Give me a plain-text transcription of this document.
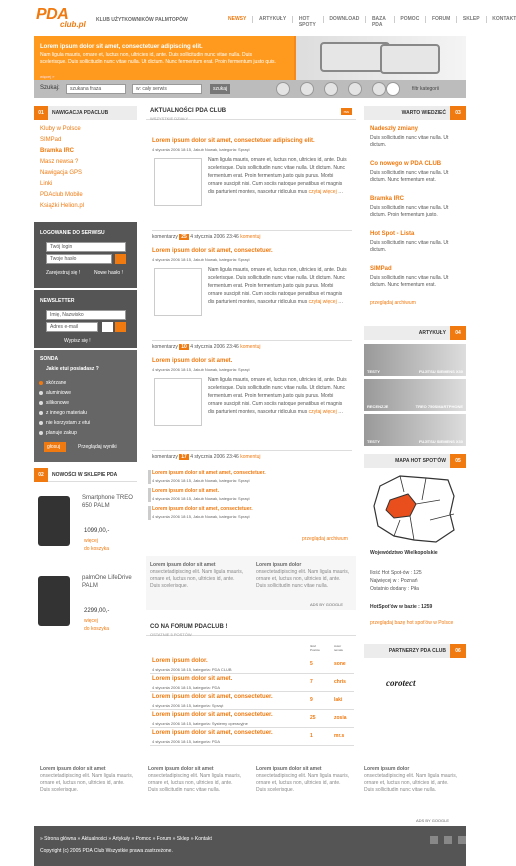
PDA
club.pl KLUB UŻYTKOWNIKÓW PALMTOPÓW	NEWSY	ARTYKUŁY	HOT SPOTY
DOWNLOAD	BAZA PDA
POMOC	FORUM	SKLEP	KONTAKT
Lorem ipsum dolor sit amet, consectetuer adipiscing elit.

Nam ligula mauris, ornare et, luctus non, ultricies id, ante. Duis sollicitudin nunc vitae nulla. Duis scelerisque. Duis sollicitudin nunc vitae nulla. Ut dictum. Nunc fermentum erat. Proin fermentum justo quis.

więcej »
Szukaj:	szukana fraza	w: cały serwis	szukaj	filtr kategorii
01	NAWIGACJA PDACLUB
Kluby w Polsce
SIMPad
Bramka IRC
Masz newsa ?
Nawigacja GPS
Linki
PDAclub Mobile
Książki Helion.pl
LOGOWANIE DO SERWISU
Twój login
Twoje hasło
Zarejestruj się !	Nowe hasło !
NEWSLETTER
Imię, Nazwisko
Adres e-mail
Wypisz się !
SONDA
Jakie etui posiadasz ?
skórzane
aluminiowe
silikonowe
z innego materiału
nie korzystam z etui
planuje zakup
głosuj	Przeglądaj wyniki
02	NOWOŚCI W SKLEPIE PDA
Smartphone TREO 650 PALM
1099,00,-
więcej
do koszyka
palmOne LifeDrive PALM
2299,00,-
więcej
do koszyka
AKTUALNOŚCI PDA CLUB
WSZYSTKIE DZIAŁY
rss
Lorem ipsum dolor sit amet, consectetuer adipiscing elit.
4 stycznia 2006 18:15, Jakub Nowak, kategoria: Sprzęt
Nam ligula mauris, ornare et, luctus non, ultricies id, ante. Duis scelerisque. Duis sollicitudin nunc vitae nulla. Ut dictum. Nunc fermentum erat. Proin fermentum justo quis purus. Morbi ornare suscipit nisi. Cum sociis natoque penatibus et magnis dis parturient montes, nascetur ridiculus mus czytaj więcej …
komentarzy 25 4 stycznia 2006 23:46 komentuj
Lorem ipsum dolor sit amet, consectetuer.
4 stycznia 2006 18:15, Jakub Nowak, kategoria: Sprzęt
Nam ligula mauris, ornare et, luctus non, ultricies id, ante. Duis scelerisque. Duis sollicitudin nunc vitae nulla. Ut dictum. Nunc fermentum erat. Proin fermentum justo quis purus. Morbi ornare suscipit nisi. Cum sociis natoque penatibus et magnis dis parturient montes, nascetur ridiculus mus czytaj więcej …
komentarzy 10 4 stycznia 2006 23:46 komentuj
Lorem ipsum dolor sit amet.
4 stycznia 2006 18:15, Jakub Nowak, kategoria: Sprzęt
Nam ligula mauris, ornare et, luctus non, ultricies id, ante. Duis scelerisque. Duis sollicitudin nunc vitae nulla. Ut dictum. Nunc fermentum erat. Proin fermentum justo quis purus. Morbi ornare suscipit nisi. Cum sociis natoque penatibus et magnis dis parturient montes, nascetur ridiculus mus czytaj więcej …
komentarzy 17 4 stycznia 2006 23:46 komentuj
Lorem ipsum dolor sit amet amet, consectetuer.
4 stycznia 2006 18:15, Jakub Nowak, kategoria: Sprzęt
Lorem ipsum dolor sit amet.
4 stycznia 2006 18:15, Jakub Nowak, kategoria: Sprzęt
Lorem ipsum dolor sit amet, consectetuer.
4 stycznia 2006 18:15, Jakub Nowak, kategoria: Sprzęt
przeglądaj archiwum
Lorem ipsum dolor sit amet
onsectetadipiscing elit. Nam ligula mauris, ornare et, luctus non, ultricies id, ante. Duis scelerisque.
Lorem ipsum dolor
onsectetadipiscing elit. Nam ligula mauris, ornare et, luctus non, ultricies id, ante. Duis sollicitudin nunc vitae nulla.
ADS BY GOOGLE
CO NA FORUM PDACLUB !
OSTATNIE 5 POSTÓW
Ilość Postów
Autor tematu
Lorem ipsum dolor.
4 stycznia 2006 18:15, kategoria: PDA CLUB
5	sone
Lorem ipsum dolor sit amet.
4 stycznia 2006 18:15, kategoria: PDA
7	chris
Lorem ipsum dolor sit amet, consectetuer.
4 stycznia 2006 18:15, kategoria: Sprzęt
9	laki
Lorem ipsum dolor sit amet, consectetuer.
4 stycznia 2006 18:15, kategoria: Systemy operacyjne
25	zosia
Lorem ipsum dolor sit amet, consectetuer.
4 stycznia 2006 18:15, kategoria: PDA
1	mr.s
WARTO WIEDZIEĆ	03
Nadeszły zmiany
Duis sollicitudin nunc vitae nulla. Ut dictum.
Co nowego w PDA CLUB
Duis sollicitudin nunc vitae nulla. Ut dictum. Nunc fermentum erat.
Bramka IRC
Duis sollicitudin nunc vitae nulla. Ut dictum. Proin fermentum justo.
Hot Spot - Lista
Duis sollicitudin nunc vitae nulla. Ut dictum.
SIMPad
Duis sollicitudin nunc vitae nulla. Ut dictum. Nunc fermentum erat.
przeglądaj archiwum
ARTYKUŁY	04
TESTY	FUJITSU SIEMENS X30
RECENZJE	TREO 750SMARTPHONE
TESTY	FUJITSU SIEMENS X30
MAPA HOT SPOT'ÓW	05
Województwo Wielkopolskie
Ilość Hot Spot-ów : 125
Najwięcej w : Poznań
Ostatnio dodany : Piła
HotSpot'ów w bazie : 1259
przeglądaj bazę hot spot'ów w Polsce
PARTNERZY PDA CLUB	06
corotect
Lorem ipsum dolor sit amet
onsectetadipiscing elit. Nam ligula mauris, ornare et, luctus non, ultricies id, ante. Duis scelerisque.
Lorem ipsum dolor sit amet
onsectetadipiscing elit. Nam ligula mauris, ornare et, luctus non, ultricies id, ante. Duis sollicitudin nunc vitae nulla.
Lorem ipsum dolor sit amet
onsectetadipiscing elit. Nam ligula mauris, ornare et, luctus non, ultricies id, ante. Duis scelerisque.
Lorem ipsum dolor
onsectetadipiscing elit. Nam ligula mauris, ornare et, luctus non, ultricies id, ante. Duis sollicitudin nunc vitae nulla.
ADS BY GOOGLE
» Strona główna » Aktualności » Artykuły » Pomoc » Forum » Sklep » Kontakt
Copyright (c) 2005 PDA Club Wszystkie prawa zastrzeżone.
